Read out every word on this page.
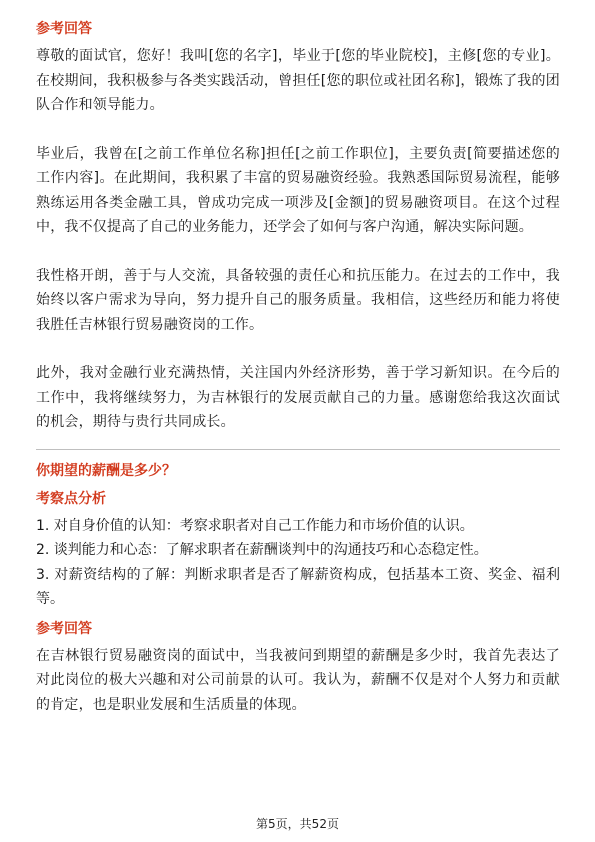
参考回答

尊敬的面试官，您好！我叫[您的名字]，毕业于[您的毕业院校]，主修[您的专业]。在校期间，我积极参与各类实践活动，曾担任[您的职位或社团名称]，锻炼了我的团队合作和领导能力。

毕业后，我曾在[之前工作单位名称]担任[之前工作职位]，主要负责[简要描述您的工作内容]。在此期间，我积累了丰富的贸易融资经验。我熟悉国际贸易流程，能够熟练运用各类金融工具，曾成功完成一项涉及[金额]的贸易融资项目。在这个过程中，我不仅提高了自己的业务能力，还学会了如何与客户沟通，解决实际问题。

我性格开朗，善于与人交流，具备较强的责任心和抗压能力。在过去的工作中，我始终以客户需求为导向，努力提升自己的服务质量。我相信，这些经历和能力将使我胜任吉林银行贸易融资岗的工作。

此外，我对金融行业充满热情，关注国内外经济形势，善于学习新知识。在今后的工作中，我将继续努力，为吉林银行的发展贡献自己的力量。感谢您给我这次面试的机会，期待与贵行共同成长。

你期望的薪酬是多少？
考察点分析

1. 对自身价值的认知：考察求职者对自己工作能力和市场价值的认识。

2. 谈判能力和心态：了解求职者在薪酬谈判中的沟通技巧和心态稳定性。

3. 对薪资结构的了解：判断求职者是否了解薪资构成，包括基本工资、奖金、福利等。

参考回答

在吉林银行贸易融资岗的面试中，当我被问到期望的薪酬是多少时，我首先表达了对此岗位的极大兴趣和对公司前景的认可。我认为，薪酬不仅是对个人努力和贡献的肯定，也是职业发展和生活质量的体现。

第5页，共52页
